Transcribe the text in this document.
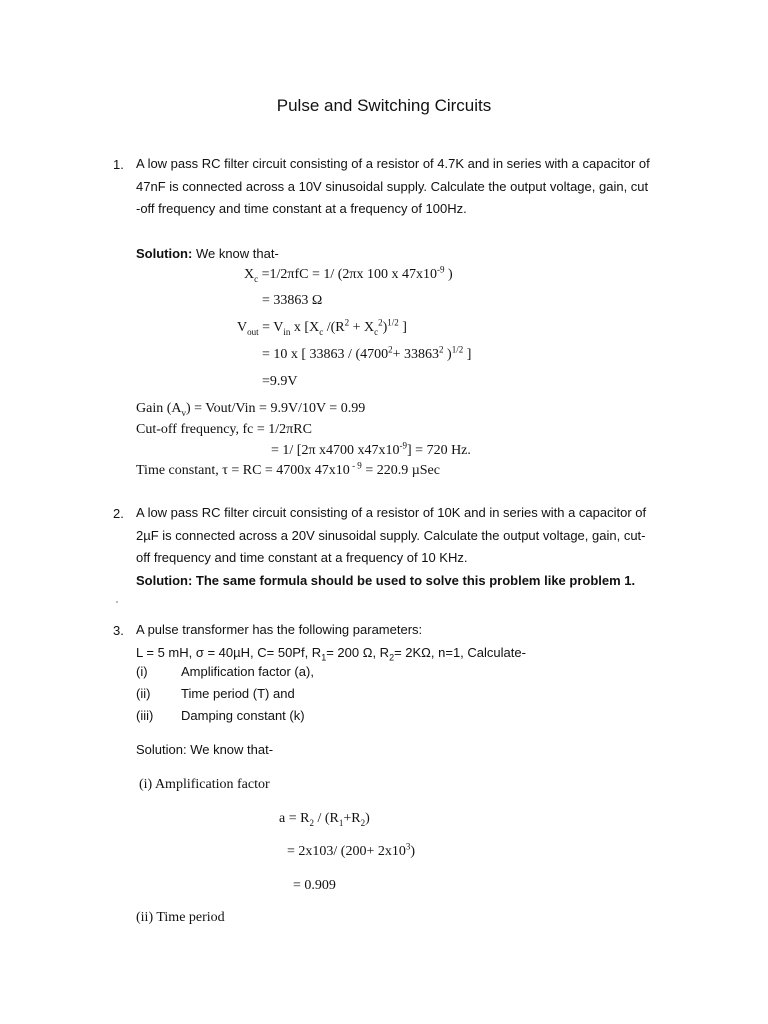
Pulse and Switching Circuits
1. A low pass RC filter circuit consisting of a resistor of 4.7K and in series with a capacitor of
47nF is connected across a 10V sinusoidal supply. Calculate the output voltage, gain, cut
-off frequency and time constant at a frequency of 100Hz.
Solution: We know that-
$X_c =1/2\pi fC = 1/$ (2πx 100 x $47x10^{-9}$ )
= 33863 Ω
$V_{out} = V_{in}$ x [$X_c$ $/(R^2 + X_c^2)^{1/2}$ ]
= 10 x [ $33863 / (4700^2+ 33863^2$ )$^{1/2}$ ]
=9.9V
Gain $(A_v)$ = Vout/Vin = 9.9V/10V = 0.99
Cut-off frequency, fc = 1/2πRC
= 1/ [2π x4700 $x47x10^{-9}] = 720$ Hz.
Time constant, τ = RC = 4700x 47x10 $^{- 9}$ = 220.9 µSec
2. A low pass RC filter circuit consisting of a resistor of 10K and in series with a capacitor of
2µF is connected across a 20V sinusoidal supply. Calculate the output voltage, gain, cut-
off frequency and time constant at a frequency of 10 KHz.
Solution: The same formula should be used to solve this problem like problem 1.
3. A pulse transformer has the following parameters:
L = 5 mH, σ = 40µH, C= 50Pf, $R_1= 200$ Ω, $R_2= 2K\Omega$, n=1, Calculate-
(i)	Amplification factor (a),
(ii) Time period (T) and
(iii) Damping constant (k)
Solution: We know that-
(i) Amplification factor
$a = R_2 / (R_1+R_2)$
= 2x103/ $(200+ 2x10^3)$
= 0.909
(ii) Time period
